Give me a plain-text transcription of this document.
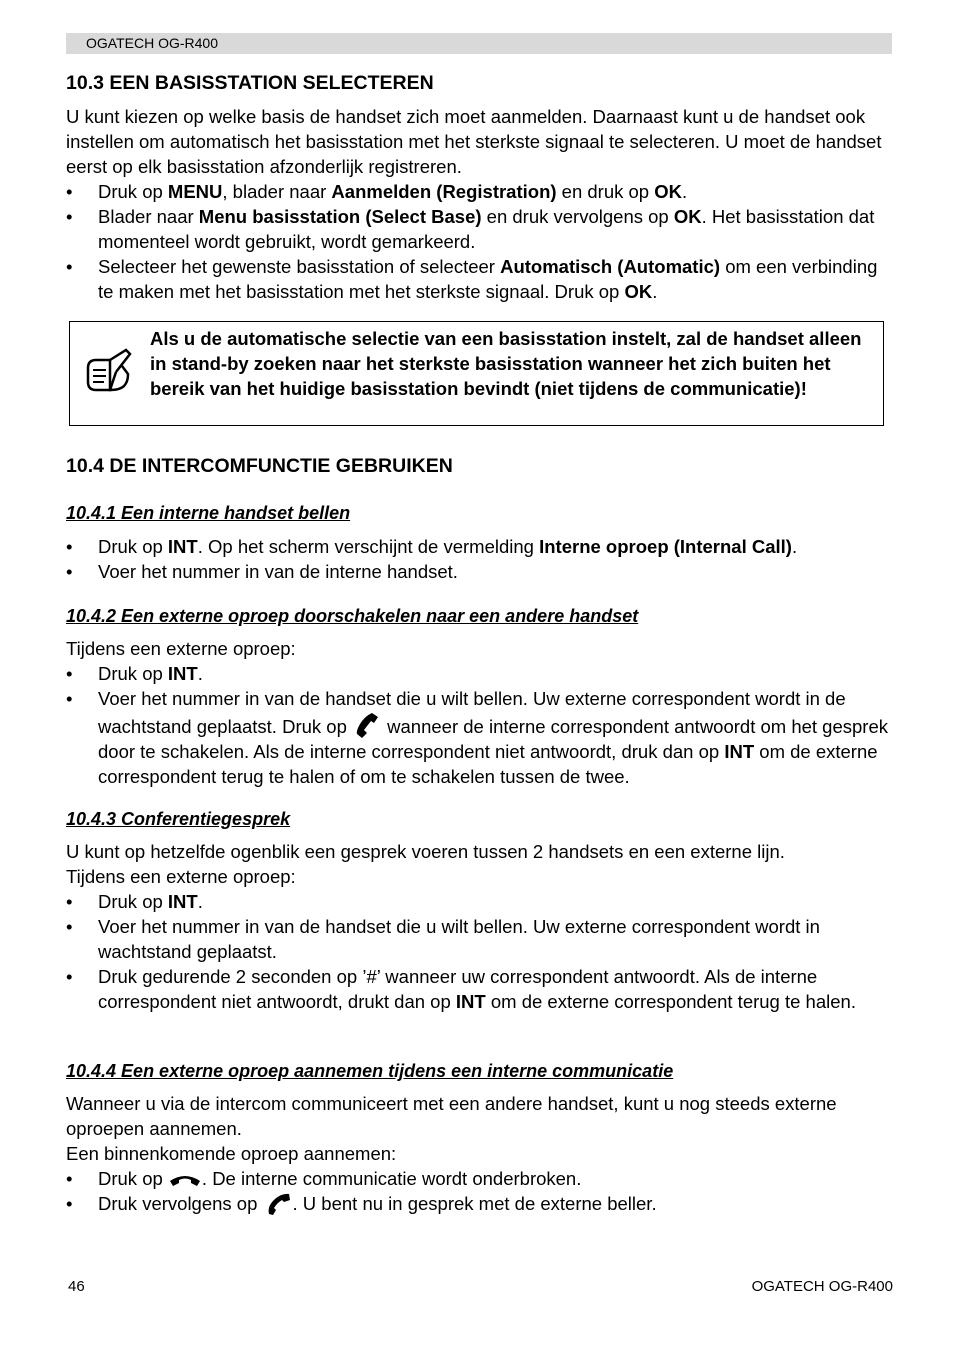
OGATECH OG-R400
10.3 EEN BASISSTATION SELECTEREN

U kunt kiezen op welke basis de handset zich moet aanmelden. Daarnaast kunt u de handset ook instellen om automatisch het basisstation met het sterkste signaal te selecteren. U moet de handset eerst op elk basisstation afzonderlijk registreren.

• Druk op MENU, blader naar Aanmelden (Registration) en druk op OK.
• Blader naar Menu basisstation (Select Base) en druk vervolgens op OK. Het basisstation dat momenteel wordt gebruikt, wordt gemarkeerd.
• Selecteer het gewenste basisstation of selecteer Automatisch (Automatic) om een verbinding te maken met het basisstation met het sterkste signaal. Druk op OK.
Als u de automatische selectie van een basisstation instelt, zal de handset alleen in stand-by zoeken naar het sterkste basisstation wanneer het zich buiten het bereik van het huidige basisstation bevindt (niet tijdens de communicatie)!
10.4 DE INTERCOMFUNCTIE GEBRUIKEN
10.4.1 Een interne handset bellen
• Druk op INT. Op het scherm verschijnt de vermelding Interne oproep (Internal Call).
• Voer het nummer in van de interne handset.
10.4.2 Een externe oproep doorschakelen naar een andere handset

Tijdens een externe oproep:

• Druk op INT.
• Voer het nummer in van de handset die u wilt bellen. Uw externe correspondent wordt in de wachtstand geplaatst. Druk op  wanneer de interne correspondent antwoordt om het gesprek door te schakelen. Als de interne correspondent niet antwoordt, druk dan op INT om de externe correspondent terug te halen of om te schakelen tussen de twee.
10.4.3 Conferentiegesprek

U kunt op hetzelfde ogenblik een gesprek voeren tussen 2 handsets en een externe lijn.

Tijdens een externe oproep:

• Druk op INT.
• Voer het nummer in van de handset die u wilt bellen. Uw externe correspondent wordt in wachtstand geplaatst.
• Druk gedurende 2 seconden op ’#’ wanneer uw correspondent antwoordt. Als de interne correspondent niet antwoordt, drukt dan op INT om de externe correspondent terug te halen.
10.4.4 Een externe oproep aannemen tijdens een interne communicatie

Wanneer u via de intercom communiceert met een andere handset, kunt u nog steeds externe oproepen aannemen.

Een binnenkomende oproep aannemen:

• Druk op . De interne communicatie wordt onderbroken.
• Druk vervolgens op . U bent nu in gesprek met de externe beller.
46	OGATECH OG-R400
